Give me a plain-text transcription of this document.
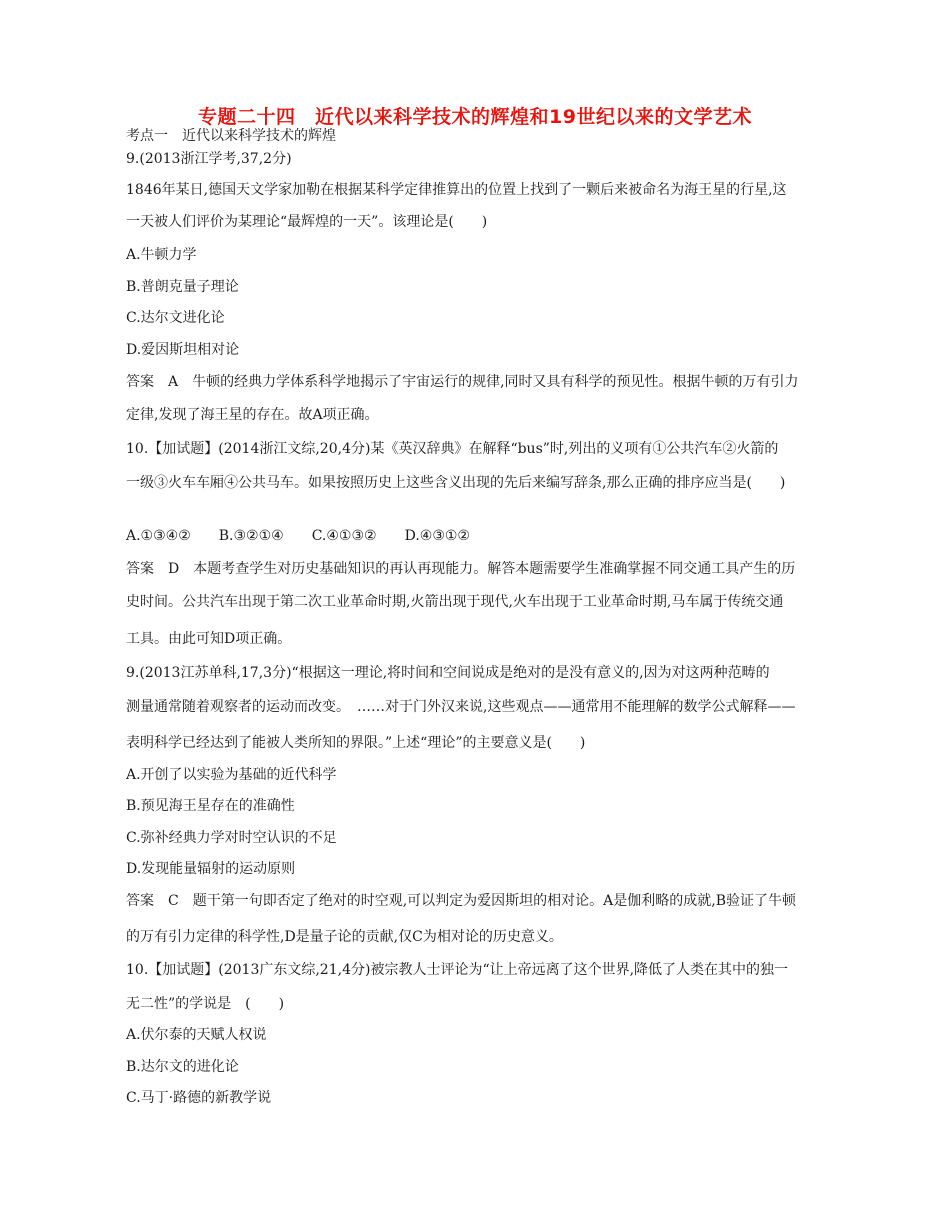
专题二十四　近代以来科学技术的辉煌和19世纪以来的文学艺术
考点一　近代以来科学技术的辉煌
9.(2013浙江学考,37,2分)
1846年某日,德国天文学家加勒在根据某科学定律推算出的位置上找到了一颗后来被命名为海王星的行星,这
一天被人们评价为某理论“最辉煌的一天”。该理论是(　　)
A.牛顿力学
B.普朗克量子理论
C.达尔文进化论
D.爱因斯坦相对论
答案　A　牛顿的经典力学体系科学地揭示了宇宙运行的规律,同时又具有科学的预见性。根据牛顿的万有引力
定律,发现了海王星的存在。故A项正确。
10.【加试题】(2014浙江文综,20,4分)某《英汉辞典》在解释“bus”时,列出的义项有①公共汽车②火箭的
一级③火车车厢④公共马车。如果按照历史上这些含义出现的先后来编写辞条,那么正确的排序应当是(　　)
A.①③④② B.③②①④ C.④①③② D.④③①②
答案　D　本题考查学生对历史基础知识的再认再现能力。解答本题需要学生准确掌握不同交通工具产生的历
史时间。公共汽车出现于第二次工业革命时期,火箭出现于现代,火车出现于工业革命时期,马车属于传统交通
工具。由此可知D项正确。
9.(2013江苏单科,17,3分)“根据这一理论,将时间和空间说成是绝对的是没有意义的,因为对这两种范畴的
测量通常随着观察者的运动而改变。　……对于门外汉来说,这些观点——通常用不能理解的数学公式解释——
表明科学已经达到了能被人类所知的界限。”上述“理论”的主要意义是(　　)
A.开创了以实验为基础的近代科学
B.预见海王星存在的准确性
C.弥补经典力学对时空认识的不足
D.发现能量辐射的运动原则
答案　C　题干第一句即否定了绝对的时空观,可以判定为爱因斯坦的相对论。A是伽利略的成就,B验证了牛顿
的万有引力定律的科学性,D是量子论的贡献,仅C为相对论的历史意义。
10.【加试题】(2013广东文综,21,4分)被宗教人士评论为“让上帝远离了这个世界,降低了人类在其中的独一
无二性”的学说是　(　　)
A.伏尔泰的天赋人权说
B.达尔文的进化论
C.马丁·路德的新教学说
